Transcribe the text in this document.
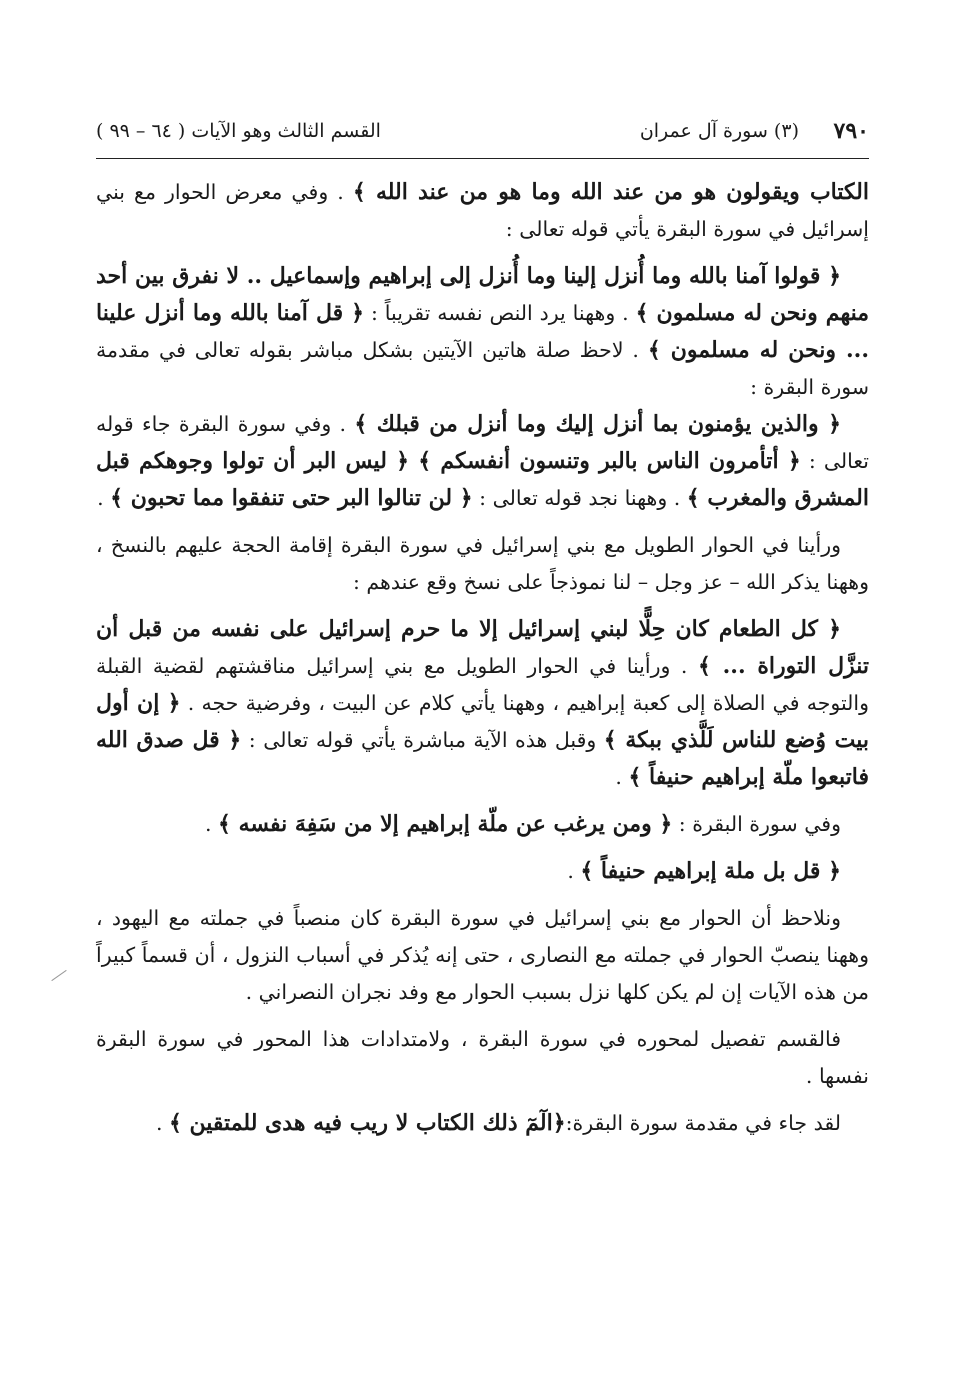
٧٩٠
(٣) سورة آل عمران
القسم الثالث وهو الآيات ( ٦٤ – ٩٩ )

الكتاب ويقولون هو من عند الله وما هو من عند الله ﴾ . وفي معرض الحوار مع بني إسرائيل في سورة البقرة يأتي قوله تعالى :

﴿ قولوا آمنا بالله وما أُنزل إلينا وما أُنزل إلى إبراهيم وإسماعيل .. لا نفرق بين أحد منهم ونحن له مسلمون ﴾ . وههنا يرد النص نفسه تقريباً : ﴿ قل آمنا بالله وما أنزل علينا ... ونحن له مسلمون ﴾ . لاحظ صلة هاتين الآيتين بشكل مباشر بقوله تعالى في مقدمة سورة البقرة :

﴿ والذين يؤمنون بما أنزل إليك وما أنزل من قبلك ﴾ . وفي سورة البقرة جاء قوله تعالى : ﴿ أتأمرون الناس بالبر وتنسون أنفسكم ﴾ ﴿ ليس البر أن تولوا وجوهكم قبل المشرق والمغرب ﴾ . وههنا نجد قوله تعالى : ﴿ لن تنالوا البر حتى تنفقوا مما تحبون ﴾ .

ورأينا في الحوار الطويل مع بني إسرائيل في سورة البقرة إقامة الحجة عليهم بالنسخ ، وههنا يذكر الله – عز وجل – لنا نموذجاً على نسخ وقع عندهم :

﴿ كل الطعام كان حِلًّا لبني إسرائيل إلا ما حرم إسرائيل على نفسه من قبل أن تنزَّل التوراة ... ﴾ . ورأينا في الحوار الطويل مع بني إسرائيل مناقشتهم لقضية القبلة والتوجه في الصلاة إلى كعبة إبراهيم ، وههنا يأتي كلام عن البيت ، وفرضية حجه . ﴿ إن أول بيت وُضع للناس لَلَّذي ببكة ﴾ وقبل هذه الآية مباشرة يأتي قوله تعالى : ﴿ قل صدق الله فاتبعوا ملّة إبراهيم حنيفاً ﴾ .

وفي سورة البقرة : ﴿ ومن يرغب عن ملّة إبراهيم إلا من سَفِهَ نفسه ﴾ .

﴿ قل بل ملة إبراهيم حنيفاً ﴾ .

ونلاحظ أن الحوار مع بني إسرائيل في سورة البقرة كان منصباً في جملته مع اليهود ، وههنا ينصبّ الحوار في جملته مع النصارى ، حتى إنه يُذكر في أسباب النزول ، أن قسماً كبيراً من هذه الآيات إن لم يكن كلها نزل بسبب الحوار مع وفد نجران النصراني .

فالقسم تفصيل لمحوره في سورة البقرة ، ولامتدادات هذا المحور في سورة البقرة نفسها .

لقد جاء في مقدمة سورة البقرة:﴿الٓمٓ ذلك الكتاب لا ريب فيه هدى للمتقين ﴾ .
